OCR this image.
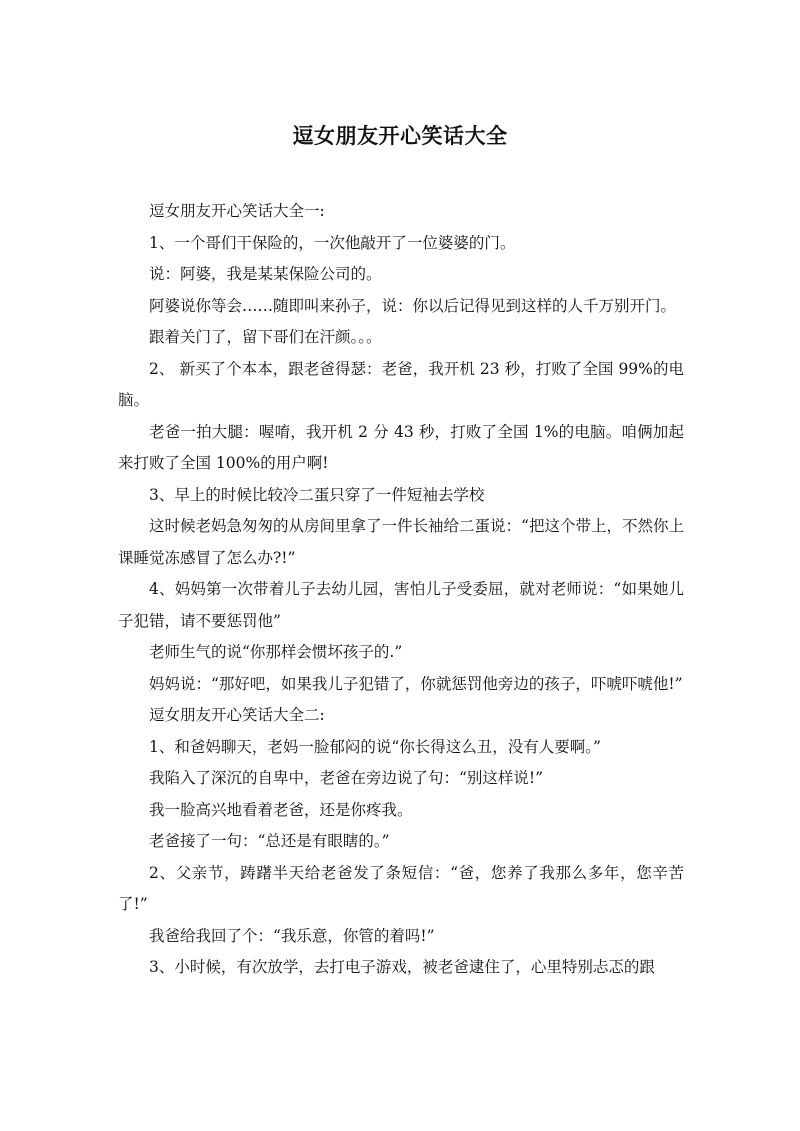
逗女朋友开心笑话大全

逗女朋友开心笑话大全一:

1、一个哥们干保险的，一次他敲开了一位婆婆的门。

说：阿婆，我是某某保险公司的。

阿婆说你等会……随即叫来孙子，说：你以后记得见到这样的人千万别开门。

跟着关门了，留下哥们在汗颜。。。

2、 新买了个本本，跟老爸得瑟：老爸，我开机 23 秒，打败了全国 99%的电脑。

老爸一拍大腿：喔唷，我开机 2 分 43 秒，打败了全国 1%的电脑。咱俩加起来打败了全国 100%的用户啊!

3、早上的时候比较冷二蛋只穿了一件短袖去学校

这时候老妈急匆匆的从房间里拿了一件长袖给二蛋说：“把这个带上，不然你上课睡觉冻感冒了怎么办?!”

4、妈妈第一次带着儿子去幼儿园，害怕儿子受委屈，就对老师说：“如果她儿子犯错，请不要惩罚他”

老师生气的说“你那样会惯坏孩子的.”

妈妈说：“那好吧，如果我儿子犯错了，你就惩罚他旁边的孩子，吓唬吓唬他!”

逗女朋友开心笑话大全二:

1、和爸妈聊天，老妈一脸郁闷的说“你长得这么丑，没有人要啊。”

我陷入了深沉的自卑中，老爸在旁边说了句：“别这样说!”

我一脸高兴地看着老爸，还是你疼我。

老爸接了一句：“总还是有眼瞎的。”

2、父亲节，踌躇半天给老爸发了条短信：“爸，您养了我那么多年，您辛苦了!”

我爸给我回了个：“我乐意，你管的着吗!”

3、小时候，有次放学，去打电子游戏，被老爸逮住了，心里特别忐忑的跟
